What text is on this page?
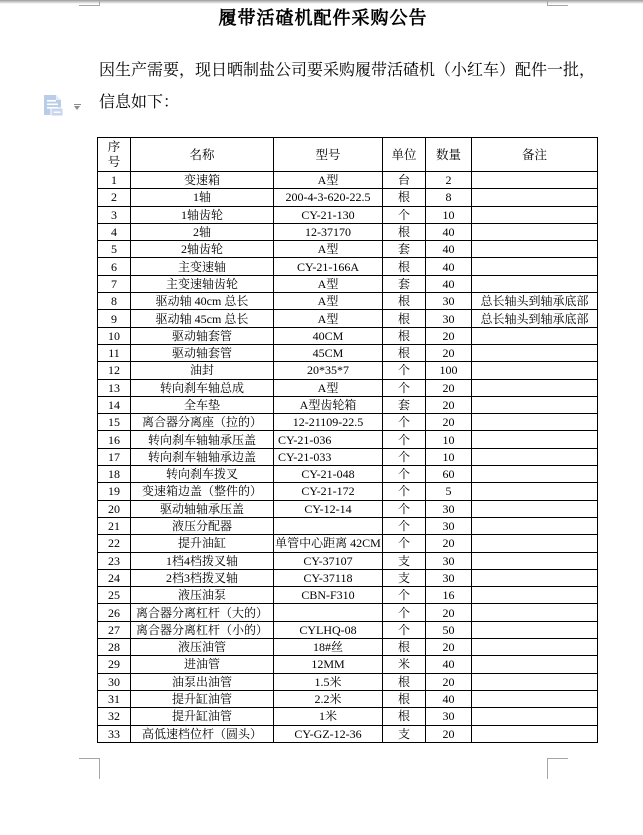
履带活碴机配件采购公告

因生产需要，现日晒制盐公司要采购履带活碴机（小红车）配件一批，

信息如下：

序号	名称	型号	单位	数量	备注
1	变速箱	A型	台	2	
2	1轴	200-4-3-620-22.5	根	8	
3	1轴齿轮	CY-21-130	个	10	
4	2轴	12-37170	根	40	
5	2轴齿轮	A型	套	40	
6	主变速轴	CY-21-166A	根	40	
7	主变速轴齿轮	A型	套	40	
8	驱动轴 40cm 总长	A型	根	30	总长轴头到轴承底部
9	驱动轴 45cm 总长	A型	根	30	总长轴头到轴承底部
10	驱动轴套管	40CM	根	20	
11	驱动轴套管	45CM	根	20	
12	油封	20*35*7	个	100	
13	转向刹车轴总成	A型	个	20	
14	全车垫	A型齿轮箱	套	20	
15	离合器分离座（拉的）	12-21109-22.5	个	20	
16	转向刹车轴轴承压盖	CY-21-036	个	10	
17	转向刹车轴轴承边盖	CY-21-033	个	10	
18	转向刹车拨叉	CY-21-048	个	60	
19	变速箱边盖（整件的）	CY-21-172	个	5	
20	驱动轴轴承压盖	CY-12-14	个	30	
21	液压分配器		个	30	
22	提升油缸	单管中心距离 42CM	个	20	
23	1档4档拨叉轴	CY-37107	支	30	
24	2档3档拨叉轴	CY-37118	支	30	
25	液压油泵	CBN-F310	个	16	
26	离合器分离杠杆（大的）		个	20	
27	离合器分离杠杆（小的）	CYLHQ-08	个	50	
28	液压油管	18#丝	根	20	
29	进油管	12MM	米	40	
30	油泵出油管	1.5米	根	20	
31	提升缸油管	2.2米	根	40	
32	提升缸油管	1米	根	30	
33	高低速档位杆（圆头）	CY-GZ-12-36	支	20	
